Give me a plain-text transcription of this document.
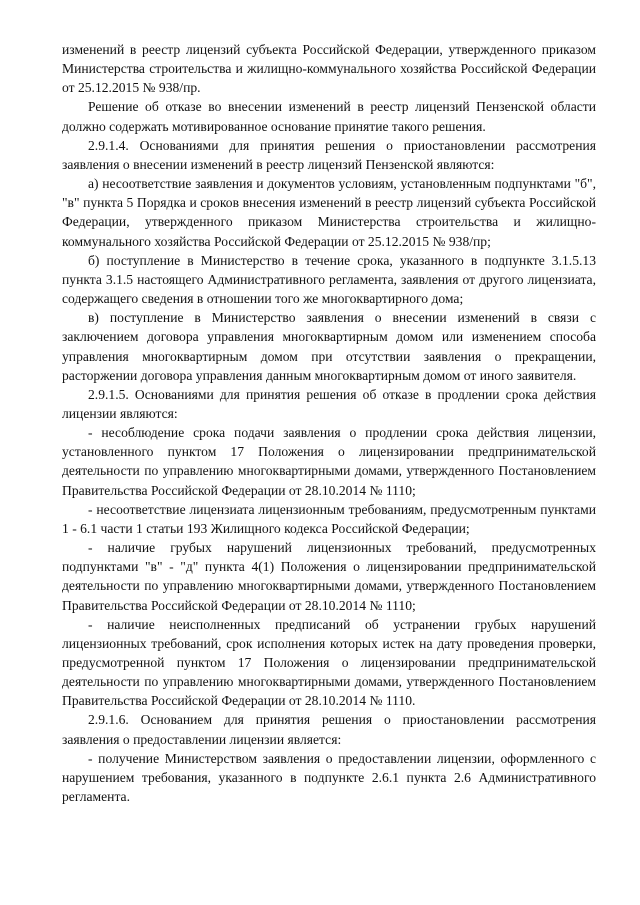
изменений в реестр лицензий субъекта Российской Федерации, утвержденного приказом Министерства строительства и жилищно-коммунального хозяйства Российской Федерации от 25.12.2015 № 938/пр.

Решение об отказе во внесении изменений в реестр лицензий Пензенской области должно содержать мотивированное основание принятие такого решения.

2.9.1.4. Основаниями для принятия решения о приостановлении рассмотрения заявления о внесении изменений в реестр лицензий Пензенской являются:

а) несоответствие заявления и документов условиям, установленным подпунктами "б", "в" пункта 5 Порядка и сроков внесения изменений в реестр лицензий субъекта Российской Федерации, утвержденного приказом Министерства строительства и жилищно-коммунального хозяйства Российской Федерации от 25.12.2015 № 938/пр;

б) поступление в Министерство в течение срока, указанного в подпункте 3.1.5.13 пункта 3.1.5 настоящего Административного регламента, заявления от другого лицензиата, содержащего сведения в отношении того же многоквартирного дома;

в) поступление в Министерство заявления о внесении изменений в связи с заключением договора управления многоквартирным домом или изменением способа управления многоквартирным домом при отсутствии заявления о прекращении, расторжении договора управления данным многоквартирным домом от иного заявителя.

2.9.1.5. Основаниями для принятия решения об отказе в продлении срока действия лицензии являются:

- несоблюдение срока подачи заявления о продлении срока действия лицензии, установленного пунктом 17 Положения о лицензировании предпринимательской деятельности по управлению многоквартирными домами, утвержденного Постановлением Правительства Российской Федерации от 28.10.2014 № 1110;

- несоответствие лицензиата лицензионным требованиям, предусмотренным пунктами 1 - 6.1 части 1 статьи 193 Жилищного кодекса Российской Федерации;

- наличие грубых нарушений лицензионных требований, предусмотренных подпунктами "в" - "д" пункта 4(1) Положения о лицензировании предпринимательской деятельности по управлению многоквартирными домами, утвержденного Постановлением Правительства Российской Федерации от 28.10.2014 № 1110;

- наличие неисполненных предписаний об устранении грубых нарушений лицензионных требований, срок исполнения которых истек на дату проведения проверки, предусмотренной пунктом 17 Положения о лицензировании предпринимательской деятельности по управлению многоквартирными домами, утвержденного Постановлением Правительства Российской Федерации от 28.10.2014 № 1110.

2.9.1.6. Основанием для принятия решения о приостановлении рассмотрения заявления о предоставлении лицензии является:

- получение Министерством заявления о предоставлении лицензии, оформленного с нарушением требования, указанного в подпункте 2.6.1 пункта 2.6 Административного регламента.
